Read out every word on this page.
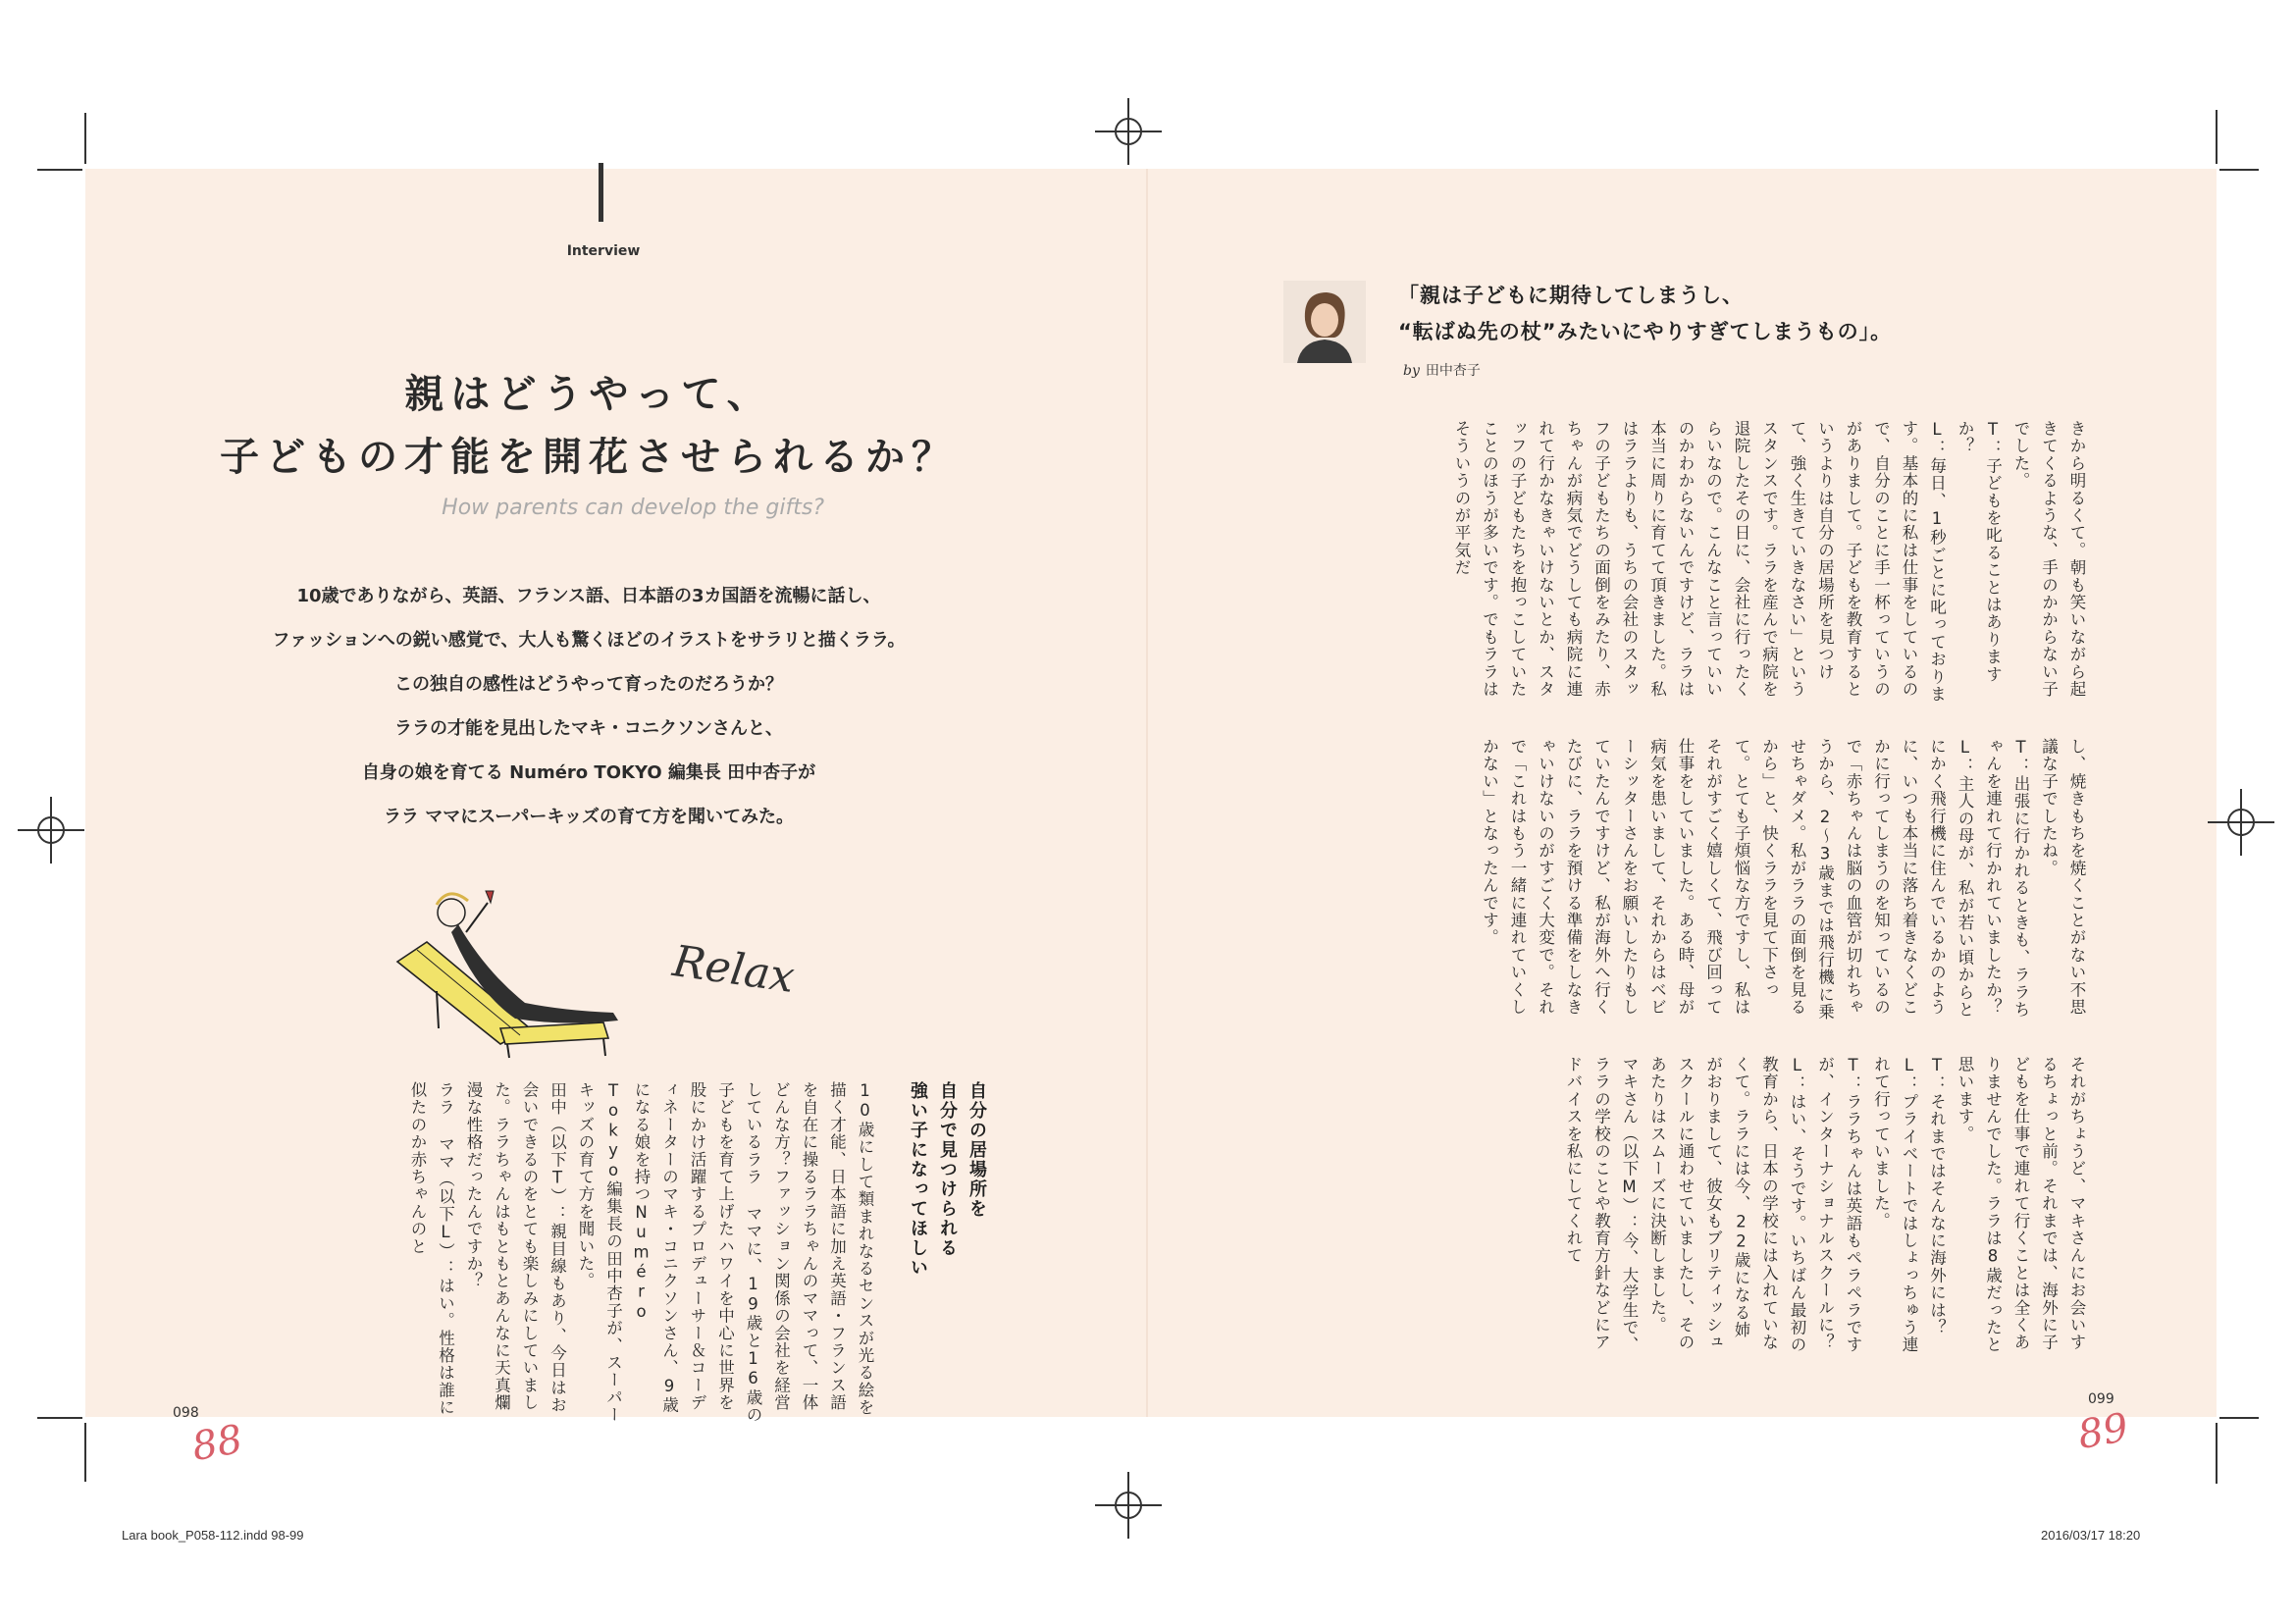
Interview
親はどうやって、
子どもの才能を開花させられるか？
How parents can develop the gifts?
10歳でありながら、英語、フランス語、日本語の3カ国語を流暢に話し、
ファッションへの鋭い感覚で、大人も驚くほどのイラストをサラリと描くララ。
この独自の感性はどうやって育ったのだろうか？
ララの才能を見出したマキ・コニクソンさんと、
自身の娘を育てる Numéro TOKYO 編集長 田中杏子が
ララ ママにスーパーキッズの育て方を聞いてみた。
Relax
自分の居場所を
自分で見つけられる
強い子になってほしい
10歳にして類まれなるセンスが光る絵を描く才能、日本語に加え英語・フランス語を自在に操るララちゃんのママって、一体どんな方？ファッション関係の会社を経営しているララ ママに、19歳と16歳の子どもを育て上げたハワイを中心に世界を股にかけ活躍するプロデューサー＆コーディネーターのマキ・コニクソンさん、9歳になる娘を持つNuméro Tokyo編集長の田中杏子が、スーパーキッズの育て方を聞いた。
田中（以下T）：親目線もあり、今日はお会いできるのをとても楽しみにしていました。ララちゃんはもともとあんなに天真爛漫な性格だったんですか？
ララ ママ（以下L）：はい。性格は誰に似たのか赤ちゃんのと
「親は子どもに期待してしまうし、
“転ばぬ先の杖”みたいにやりすぎてしまうもの」。
by 田中杏子
きから明るくて。朝も笑いながら起きてくるような、手のかからない子でした。
T：子どもを叱ることはありますか？
L：毎日、1秒ごとに叱っております。基本的に私は仕事をしているので、自分のことに手一杯っていうのがありまして。子どもを教育するというよりは自分の居場所を見つけて、強く生きていきなさい」というスタンスです。ララを産んで病院を退院したその日に、会社に行ったくらいなので。こんなこと言っていいのかわからないんですけど、ララは本当に周りに育てて頂きました。私はララよりも、うちの会社のスタッフの子どもたちの面倒をみたり、赤ちゃんが病気でどうしても病院に連れて行かなきゃいけないとか、スタッフの子どもたちを抱っこしていたことのほうが多いです。でもララはそういうのが平気だ
し、焼きもちを焼くことがない不思議な子でしたね。
T：出張に行かれるときも、ララちゃんを連れて行かれていましたか？
L：主人の母が、私が若い頃からとにかく飛行機に住んでいるかのように、いつも本当に落ち着きなくどこかに行ってしまうのを知っているので「赤ちゃんは脳の血管が切れちゃうから、2～3歳までは飛行機に乗せちゃダメ。私がララの面倒を見るから」と、快くララを見て下さって。とても子煩悩な方ですし、私はそれがすごく嬉しくて、飛び回って仕事をしていました。ある時、母が病気を患いまして、それからはベビーシッターさんをお願いしたりもしていたんですけど、私が海外へ行くたびに、ララを預ける準備をしなきゃいけないのがすごく大変で。それで「これはもう一緒に連れていくしかない」となったんです。
それがちょうど、マキさんにお会いするちょっと前。それまでは、海外に子どもを仕事で連れて行くことは全くありませんでした。ララは8歳だったと思います。
T：それまではそんなに海外には？
L：プライベートではしょっちゅう連れて行っていました。
T：ララちゃんは英語もペラペラですが、インターナショナルスクールに？
L：はい、そうです。いちばん最初の教育から、日本の学校には入れていなくて。ララには今、22歳になる姉がおりまして、彼女もブリティッシュスクールに通わせていましたし、そのあたりはスムーズに決断しました。
マキさん（以下M）：今、大学生で、ララの学校のことや教育方針などにアドバイスを私にしてくれて
098
88
099
89
Lara book_P058-112.indd 98-99	2016/03/17 18:20
